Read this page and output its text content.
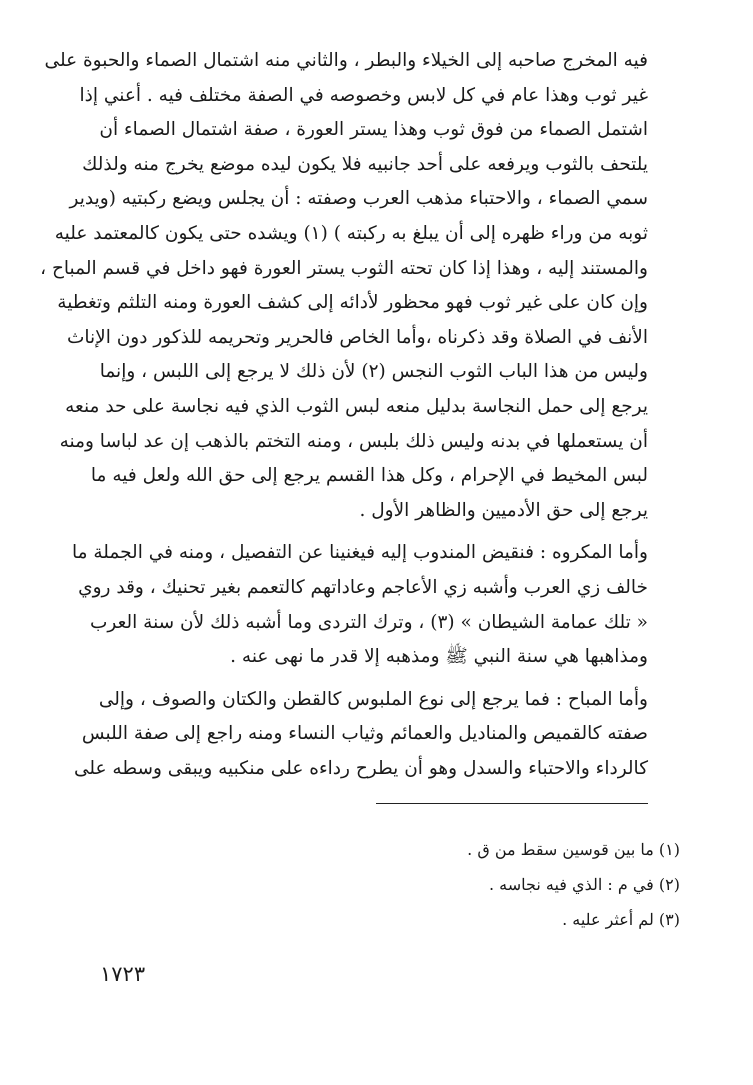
فيه المخرج صاحبه إلى الخيلاء والبطر ، والثاني منه اشتمال الصماء والحبوة على
غير ثوب وهذا عام في كل لابس وخصوصه في الصفة مختلف فيه . أعني إذا
اشتمل الصماء من فوق ثوب وهذا يستر العورة ، صفة اشتمال الصماء أن
يلتحف بالثوب ويرفعه على أحد جانبيه فلا يكون ليده موضع يخرج منه ولذلك
سمي الصماء ، والاحتباء مذهب العرب وصفته : أن يجلس ويضع ركبتيه (ويدير
ثوبه من وراء ظهره إلى أن يبلغ به ركبته ) (١) ويشده حتى يكون كالمعتمد عليه
والمستند إليه ، وهذا إذا كان تحته الثوب يستر العورة فهو داخل في قسم المباح ،
وإن كان على غير ثوب فهو محظور لأدائه إلى كشف العورة ومنه التلثم وتغطية
الأنف في الصلاة وقد ذكرناه ،وأما الخاص فالحرير وتحريمه للذكور دون الإناث
وليس من هذا الباب الثوب النجس (٢) لأن ذلك لا يرجع إلى اللبس ، وإنما
يرجع إلى حمل النجاسة بدليل منعه لبس الثوب الذي فيه نجاسة على حد منعه
أن يستعملها في بدنه وليس ذلك بلبس ، ومنه التختم بالذهب إن عد لباسا ومنه
لبس المخيط في الإحرام ، وكل هذا القسم يرجع إلى حق الله ولعل فيه ما
يرجع إلى حق الأدميين والظاهر الأول .
وأما المكروه : فنقيض المندوب إليه فيغنينا عن التفصيل ، ومنه في الجملة ما
خالف زي العرب وأشبه زي الأعاجم وعاداتهم كالتعمم بغير تحنيك ، وقد روي
« تلك عمامة الشيطان » (٣) ، وترك التردى وما أشبه ذلك لأن سنة العرب
ومذاهبها هي سنة النبي ﷺ ومذهبه إلا قدر ما نهى عنه .
وأما المباح : فما يرجع إلى نوع الملبوس كالقطن والكتان والصوف ، وإلى
صفته كالقميص والمناديل والعمائم وثياب النساء ومنه راجع إلى صفة اللبس
كالرداء والاحتباء والسدل وهو أن يطرح رداءه على منكبيه ويبقى وسطه على
(١) ما بين قوسين سقط من ق .
(٢) في م : الذي فيه نجاسه .
(٣) لم أعثر عليه .
١٧٢٣
